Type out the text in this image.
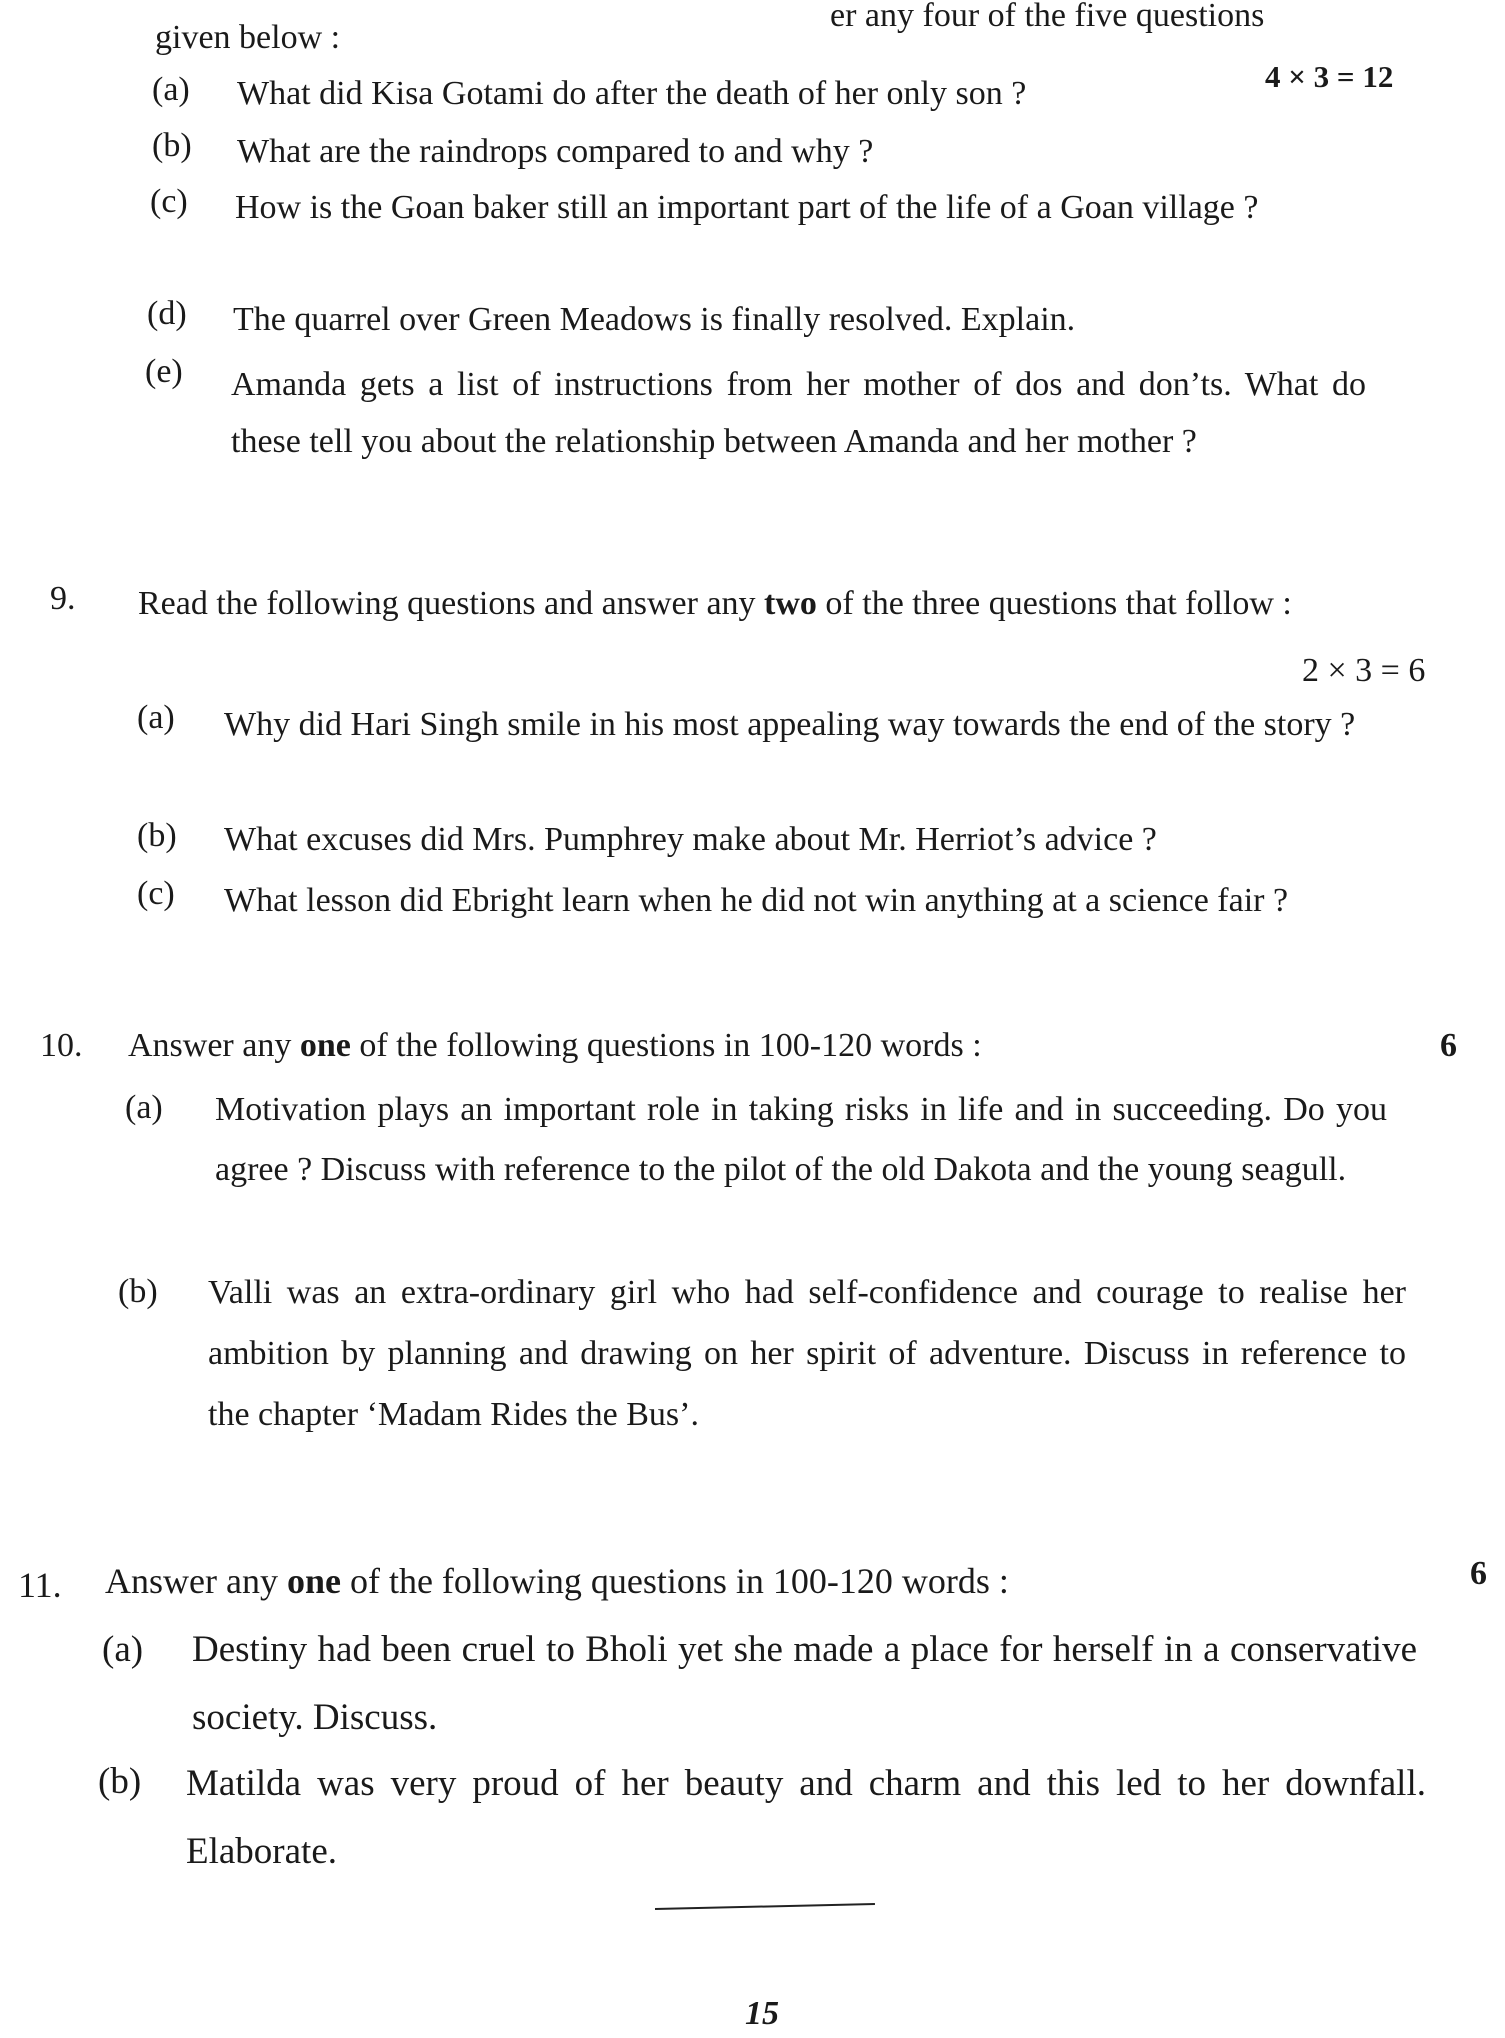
er any four of the five questions
given below :
4 × 3 = 12
(a) What did Kisa Gotami do after the death of her only son ?
(b) What are the raindrops compared to and why ?
(c) How is the Goan baker still an important part of the life of a Goan village ?
(d) The quarrel over Green Meadows is finally resolved. Explain.
(e) Amanda gets a list of instructions from her mother of dos and don’ts. What do these tell you about the relationship between Amanda and her mother ?
9. Read the following questions and answer any two of the three questions that follow :
2 × 3 = 6
(a) Why did Hari Singh smile in his most appealing way towards the end of the story ?
(b) What excuses did Mrs. Pumphrey make about Mr. Herriot’s advice ?
(c) What lesson did Ebright learn when he did not win anything at a science fair ?
10. Answer any one of the following questions in 100-120 words :	6
(a) Motivation plays an important role in taking risks in life and in succeeding. Do you agree ? Discuss with reference to the pilot of the old Dakota and the young seagull.
(b) Valli was an extra-ordinary girl who had self-confidence and courage to realise her ambition by planning and drawing on her spirit of adventure. Discuss in reference to the chapter ‘Madam Rides the Bus’.
11. Answer any one of the following questions in 100-120 words :	6
(a) Destiny had been cruel to Bholi yet she made a place for herself in a conservative society. Discuss.
(b) Matilda was very proud of her beauty and charm and this led to her downfall. Elaborate.
15
